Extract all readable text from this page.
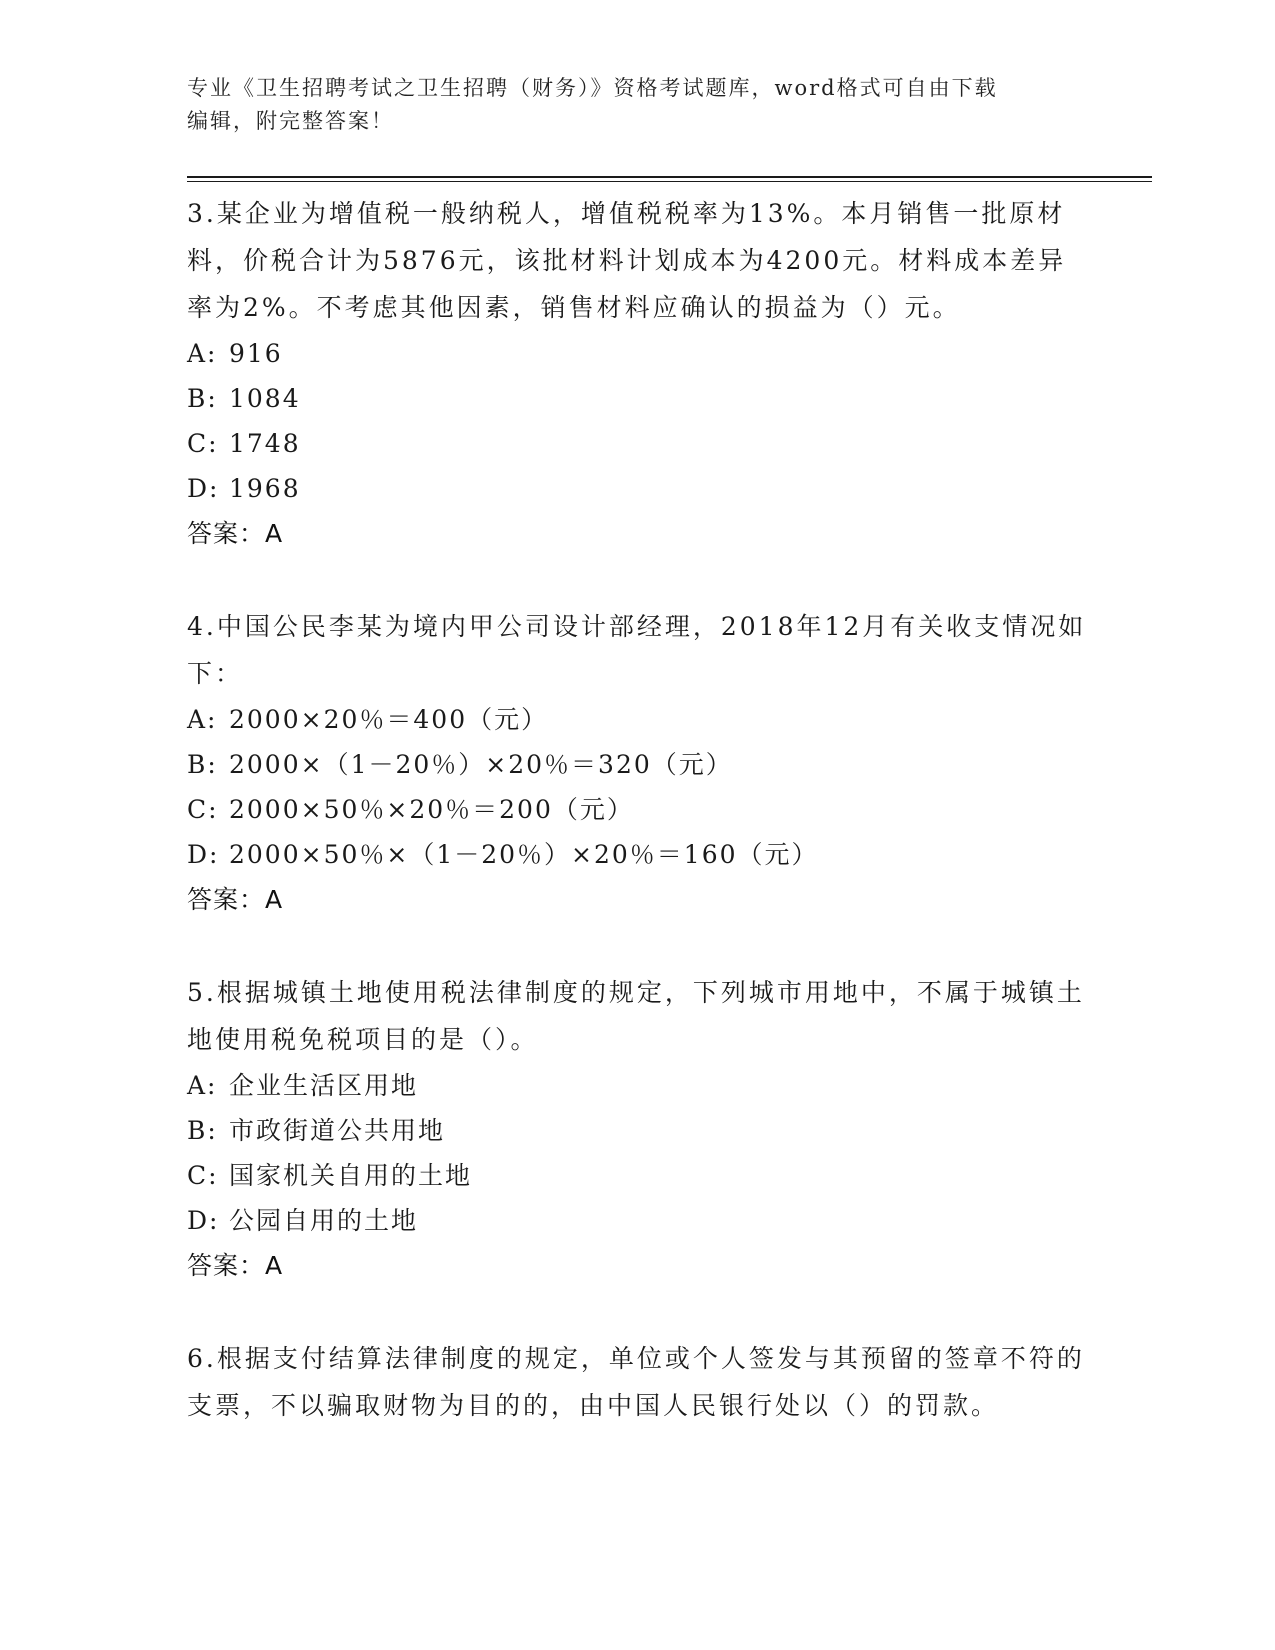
专业《卫生招聘考试之卫生招聘（财务）》资格考试题库，word格式可自由下载
编辑，附完整答案！

3.某企业为增值税一般纳税人，增值税税率为13%。本月销售一批原材料，价税合计为5876元，该批材料计划成本为4200元。材料成本差异率为2%。不考虑其他因素，销售材料应确认的损益为（）元。

A: 916
B: 1084
C: 1748
D: 1968
答案：A

4.中国公民李某为境内甲公司设计部经理，2018年12月有关收支情况如下：

A: 2000×20％＝400（元）
B: 2000×（1－20％）×20％＝320（元）
C: 2000×50％×20％＝200（元）
D: 2000×50％×（1－20％）×20％＝160（元）
答案：A

5.根据城镇土地使用税法律制度的规定，下列城市用地中，不属于城镇土地使用税免税项目的是（）。

A: 企业生活区用地
B: 市政街道公共用地
C: 国家机关自用的土地
D: 公园自用的土地
答案：A

6.根据支付结算法律制度的规定，单位或个人签发与其预留的签章不符的支票，不以骗取财物为目的的，由中国人民银行处以（）的罚款。
